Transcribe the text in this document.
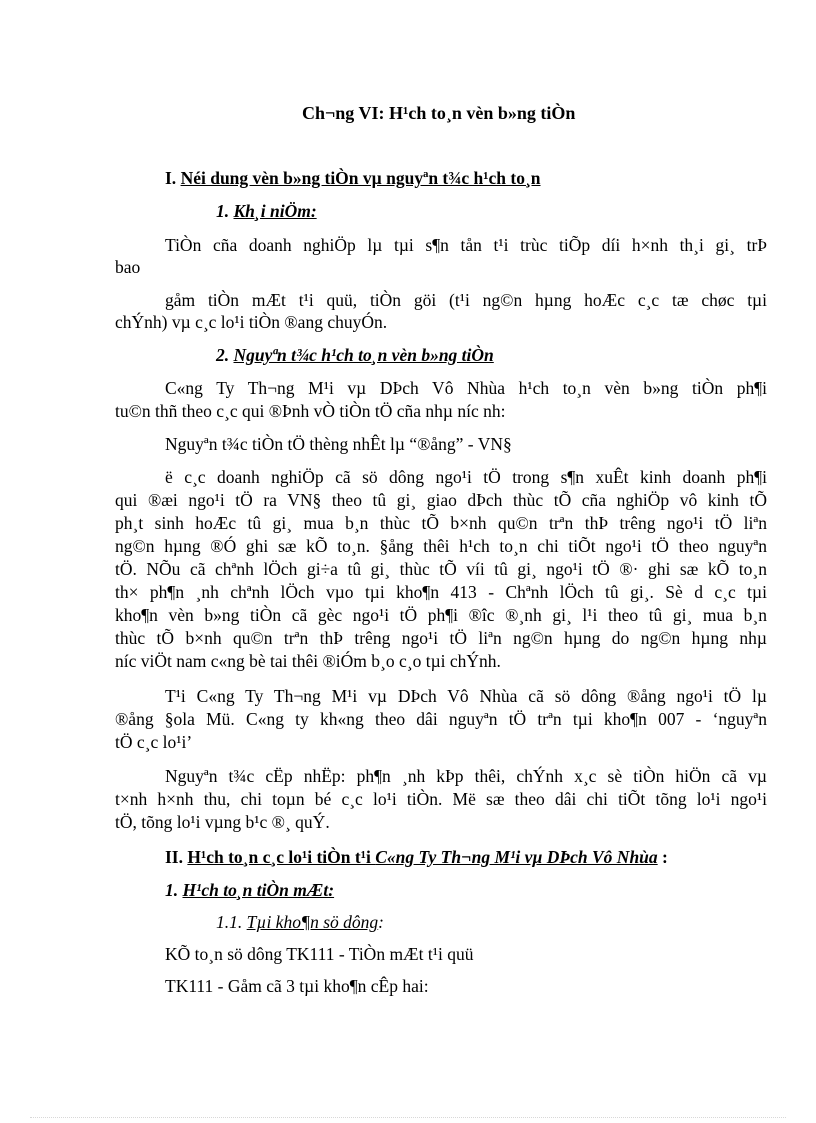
Ch¬ng VI: H¹ch to¸n vèn b»ng tiÒn
I. Néi dung vèn b»ng tiÒn vµ nguyªn t¾c h¹ch to¸n
1. Kh¸i niÖm:
TiÒn cña doanh nghiÖp lµ tµi s¶n tån t¹i trùc tiÕp díi h×nh th¸i gi¸ trÞ
bao
gåm tiÒn mÆt t¹i quü, tiÒn göi (t¹i ng©n hµng hoÆc c¸c tæ chøc tµi
chÝnh) vµ c¸c lo¹i tiÒn ®ang chuyÓn.
2. Nguyªn t¾c h¹ch to¸n vèn b»ng tiÒn
C«ng Ty Th¬ng M¹i vµ DÞch Vô Nhùa h¹ch to¸n vèn b»ng tiÒn ph¶i
tu©n thñ theo c¸c qui ®Þnh vÒ tiÒn tÖ cña nhµ níc nh:
Nguyªn t¾c tiÒn tÖ thèng nhÊt lµ “®ång” - VN§
ë c¸c doanh nghiÖp cã sö dông ngo¹i tÖ trong s¶n xuÊt kinh doanh ph¶i
qui ®æi ngo¹i tÖ ra VN§ theo tû gi¸ giao dÞch thùc tÕ cña nghiÖp vô kinh tÕ
ph¸t sinh hoÆc tû gi¸ mua b¸n thùc tÕ b×nh qu©n trªn thÞ trêng ngo¹i tÖ liªn
ng©n hµng ®Ó ghi sæ kÕ to¸n. §ång thêi h¹ch to¸n chi tiÕt ngo¹i tÖ theo nguyªn
tÖ. NÕu cã chªnh lÖch gi÷a tû gi¸ thùc tÕ víi tû gi¸ ngo¹i tÖ ®· ghi sæ kÕ to¸n
th× ph¶n ¸nh chªnh lÖch vµo tµi kho¶n 413 - Chªnh lÖch tû gi¸. Sè d c¸c tµi
kho¶n vèn b»ng tiÒn cã gèc ngo¹i tÖ ph¶i ®îc ®¸nh gi¸ l¹i theo tû gi¸ mua b¸n
thùc tÕ b×nh qu©n trªn thÞ trêng ngo¹i tÖ liªn ng©n hµng do ng©n hµng nhµ
níc viÖt nam c«ng bè tai thêi ®iÓm b¸o c¸o tµi chÝnh.
T¹i C«ng Ty Th¬ng M¹i vµ DÞch Vô Nhùa cã sö dông ®ång ngo¹i tÖ lµ
®ång §ola Mü. C«ng ty kh«ng theo dâi nguyªn tÖ trªn tµi kho¶n 007 - ‘nguyªn
tÖ c¸c lo¹i’
Nguyªn t¾c cËp nhËp: ph¶n ¸nh kÞp thêi, chÝnh x¸c sè tiÒn hiÖn cã vµ
t×nh h×nh thu, chi toµn bé c¸c lo¹i tiÒn. Më sæ theo dâi chi tiÕt tõng lo¹i ngo¹i
tÖ, tõng lo¹i vµng b¹c ®¸ quÝ.
II. H¹ch to¸n c¸c lo¹i tiÒn t¹i C«ng Ty Th¬ng M¹i vµ DÞch Vô Nhùa :
1. H¹ch to¸n tiÒn mÆt:
1.1. Tµi kho¶n sö dông:
KÕ to¸n sö dông TK111 - TiÒn mÆt t¹i quü
TK111 - Gåm cã 3 tµi kho¶n cÊp hai:
